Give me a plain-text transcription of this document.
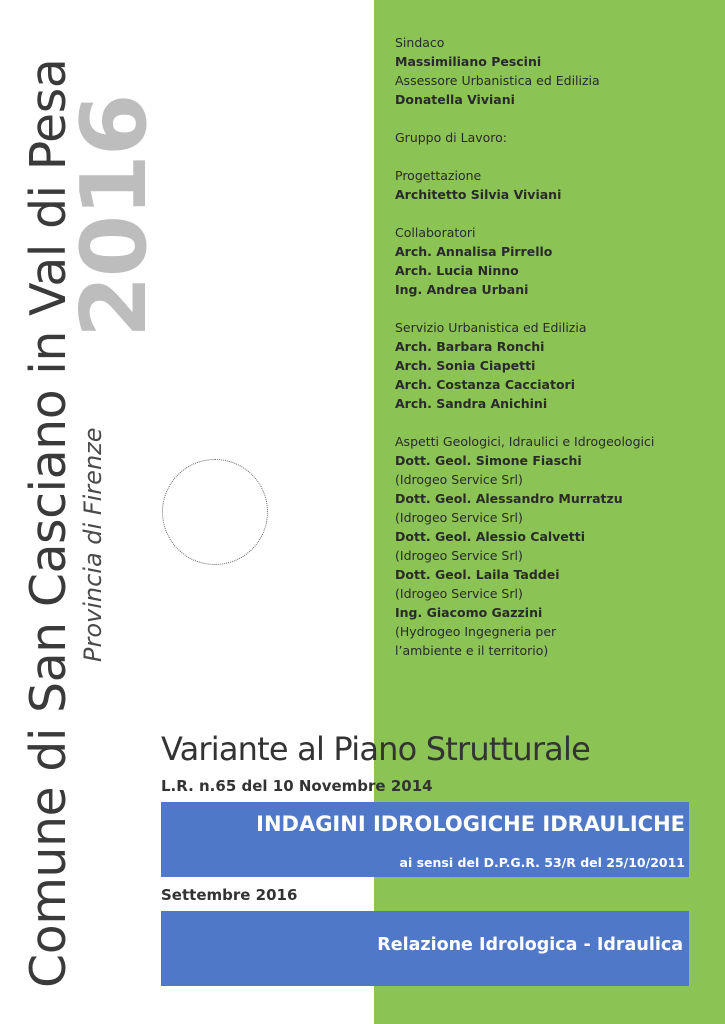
2016
Comune di San Casciano in Val di Pesa Provincia di Firenze
Sindaco
Massimiliano Pescini
Assessore Urbanistica ed Edilizia
Donatella Viviani
Gruppo di Lavoro:
Progettazione
Architetto Silvia Viviani
Collaboratori
Arch. Annalisa Pirrello
Arch. Lucia Ninno
Ing. Andrea Urbani
Servizio Urbanistica ed Edilizia
Arch. Barbara Ronchi
Arch. Sonia Ciapetti
Arch. Costanza Cacciatori
Arch. Sandra Anichini
Aspetti Geologici, Idraulici e Idrogeologici
Dott. Geol. Simone Fiaschi
(Idrogeo Service Srl)
Dott. Geol. Alessandro Murratzu
(Idrogeo Service Srl)
Dott. Geol. Alessio Calvetti
(Idrogeo Service Srl)
Dott. Geol. Laila Taddei
(Idrogeo Service Srl)
Ing. Giacomo Gazzini
(Hydrogeo Ingegneria per
l’ambiente e il territorio)
Variante al Piano Strutturale
L.R. n.65 del 10 Novembre 2014
INDAGINI IDROLOGICHE IDRAULICHE
ai sensi del D.P.G.R. 53/R del 25/10/2011
Settembre 2016
Relazione Idrologica - Idraulica
